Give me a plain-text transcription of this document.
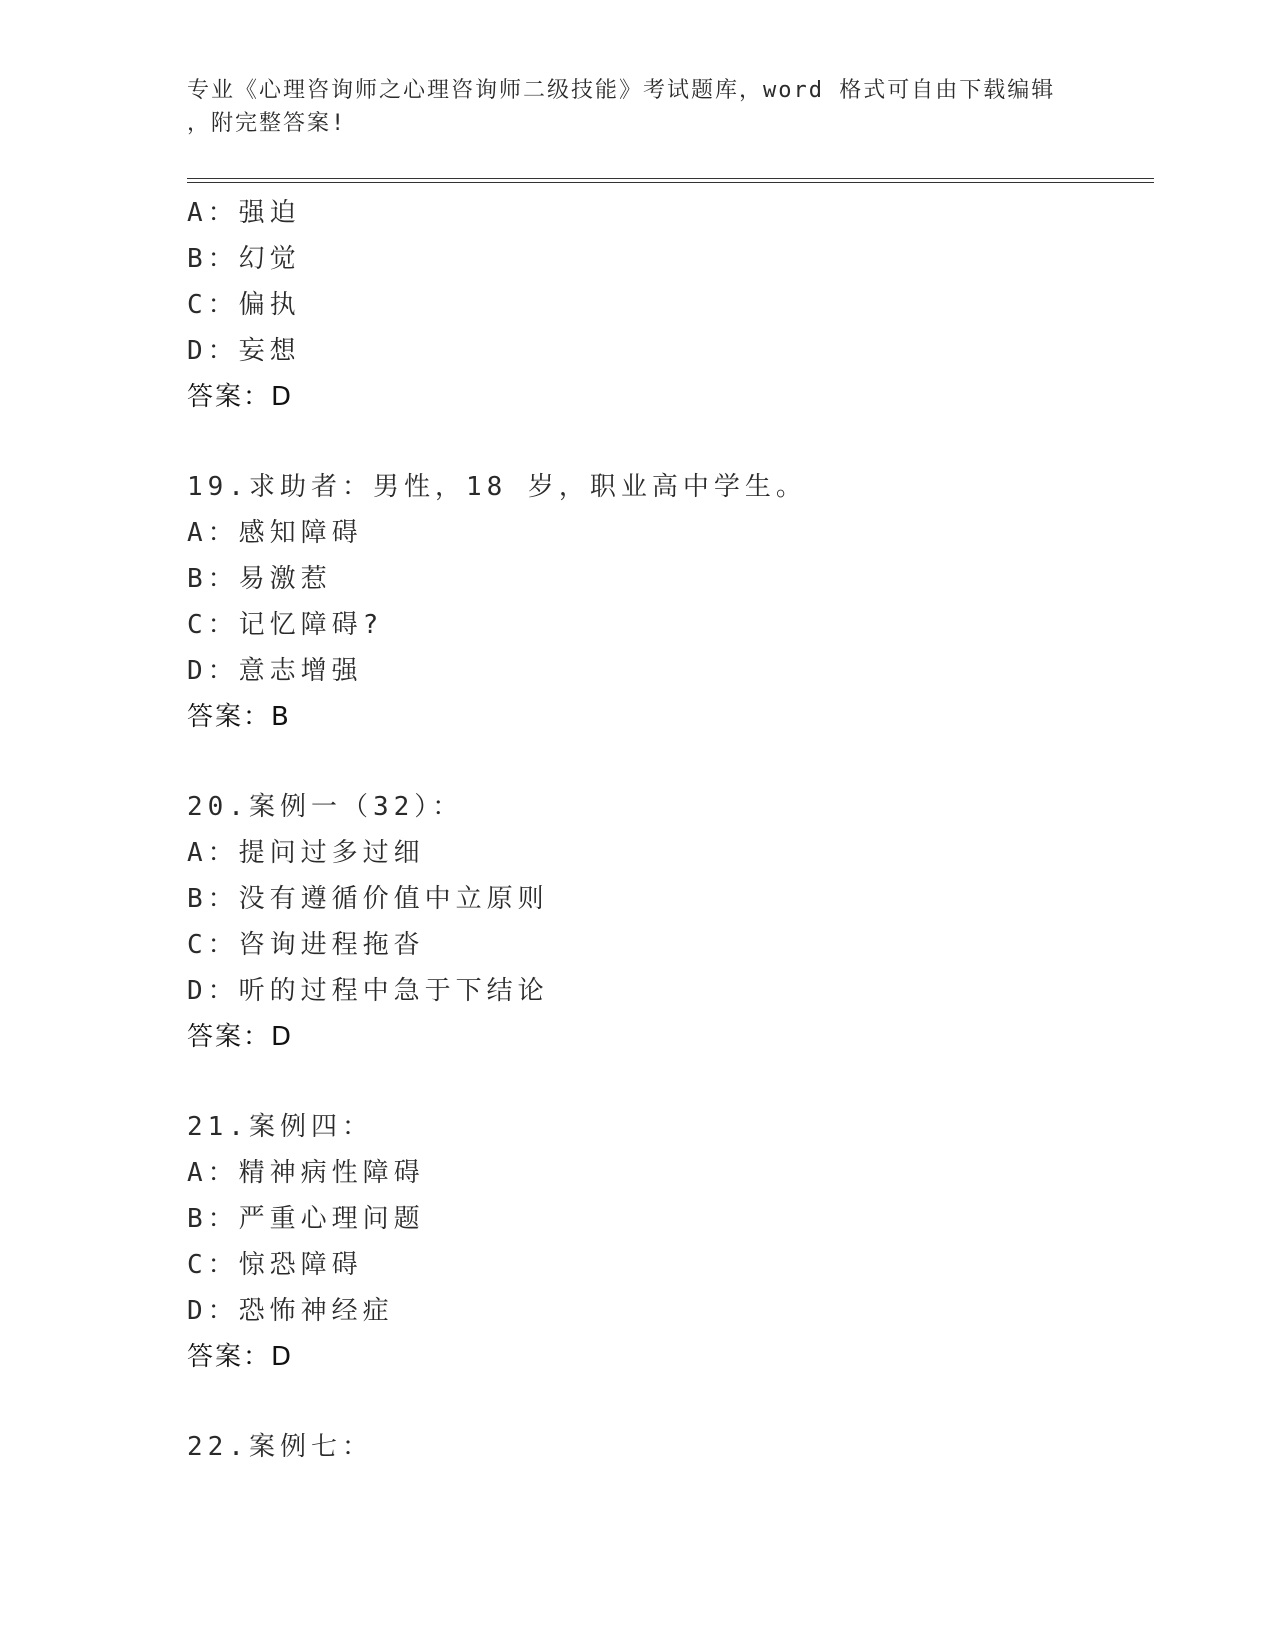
专业《心理咨询师之心理咨询师二级技能》考试题库，word 格式可自由下载编辑
，附完整答案!
A：强迫
B：幻觉
C：偏执
D：妄想
答案：D
19.求助者：男性，18 岁，职业高中学生。
A：感知障碍
B：易激惹
C：记忆障碍?
D：意志增强
答案：B
20.案例一（32）：
A：提问过多过细
B：没有遵循价值中立原则
C：咨询进程拖沓
D：听的过程中急于下结论
答案：D
21.案例四：
A：精神病性障碍
B：严重心理问题
C：惊恐障碍
D：恐怖神经症
答案：D
22.案例七：
